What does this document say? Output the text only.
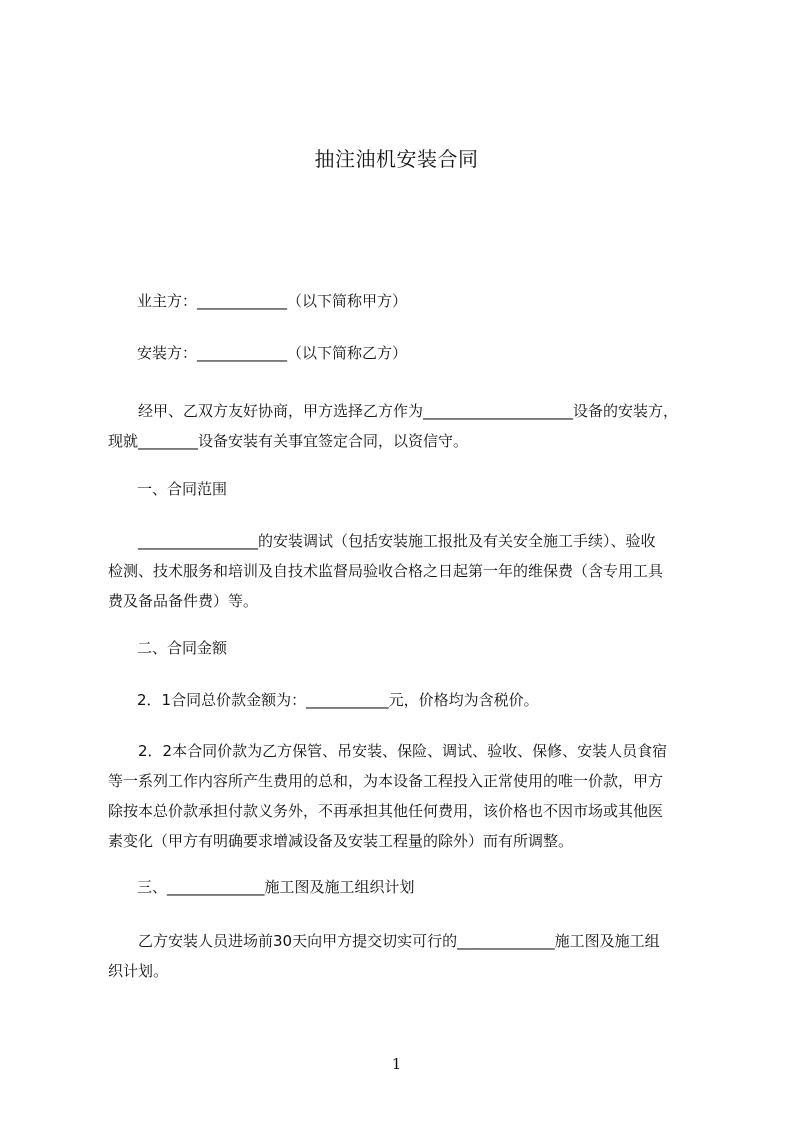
抽注油机安装合同
业主方：____________（以下简称甲方）
安装方：____________（以下简称乙方）
经甲、乙双方友好协商，甲方选择乙方作为____________________设备的安装方，
现就________设备安装有关事宜签定合同，以资信守。
一、合同范围
________________的安装调试（包括安装施工报批及有关安全施工手续）、验收
检测、技术服务和培训及自技术监督局验收合格之日起第一年的维保费（含专用工具
费及备品备件费）等。
二、合同金额
2．1合同总价款金额为：___________元，价格均为含税价。
2．2本合同价款为乙方保管、吊安装、保险、调试、验收、保修、安装人员食宿
等一系列工作内容所产生费用的总和，为本设备工程投入正常使用的唯一价款，甲方
除按本总价款承担付款义务外，不再承担其他任何费用，该价格也不因市场或其他医
素变化（甲方有明确要求增减设备及安装工程量的除外）而有所调整。
三、_____________施工图及施工组织计划
乙方安装人员进场前30天向甲方提交切实可行的_____________施工图及施工组
织计划。
1
